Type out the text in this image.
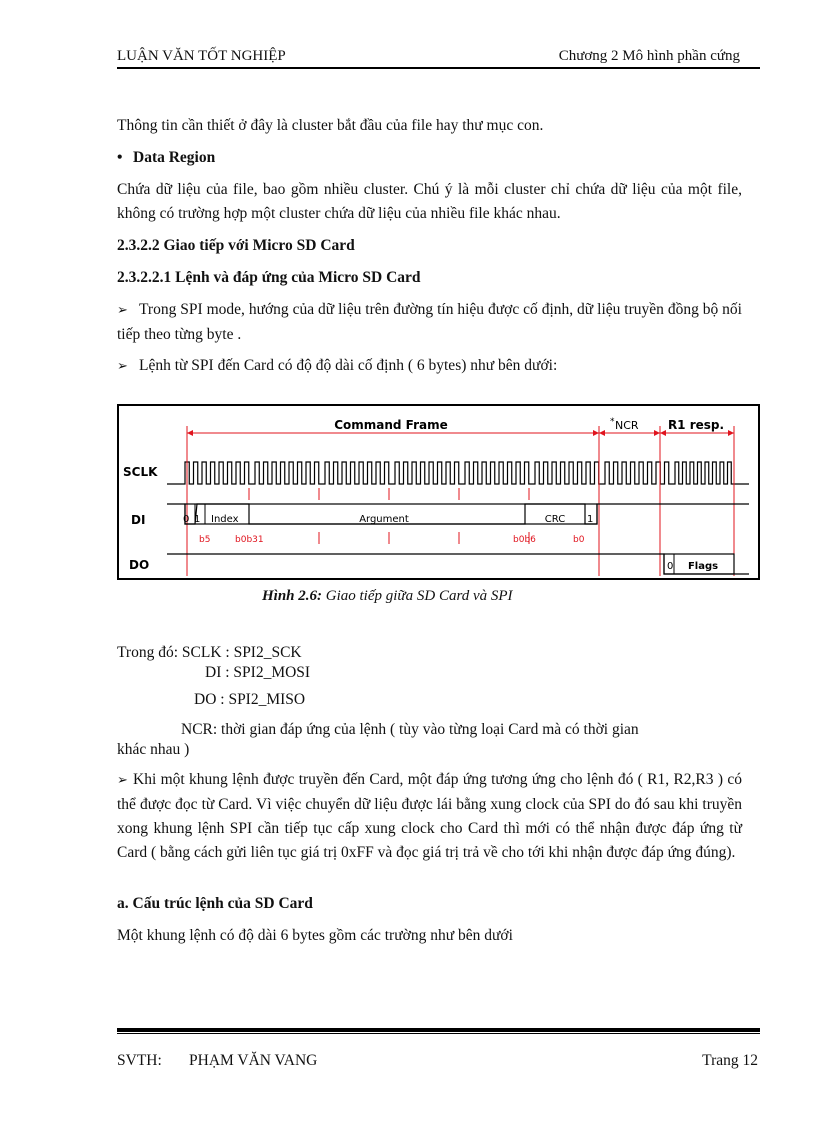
LUẬN VĂN TỐT NGHIỆP	Chương 2 Mô hình phần cứng
Thông tin cần thiết ở đây là cluster bắt đầu của file hay thư mục con.
• Data Region
Chứa dữ liệu của file, bao gồm nhiều cluster. Chú ý là mỗi cluster chỉ chứa dữ liệu của một file, không có trường hợp một cluster chứa dữ liệu của nhiều file khác nhau.
2.3.2.2 Giao tiếp với Micro SD Card
2.3.2.2.1 Lệnh và đáp ứng của Micro SD Card
➢ Trong SPI mode, hướng của dữ liệu trên đường tín hiệu được cố định, dữ liệu truyền đồng bộ nối tiếp theo từng byte .
➢ Lệnh từ SPI đến Card có độ độ dài cố định ( 6 bytes) như bên dưới:
Command Frame	* NCR R1 resp.
SCLK
DI
DO
0 1 Index	Argument	CRC 1
b5	b0b31	b0b6	b0
0 Flags
Hình 2.6: Giao tiếp giữa SD Card và SPI
Trong đó: SCLK : SPI2_SCK
DI : SPI2_MOSI
DO : SPI2_MISO
NCR: thời gian đáp ứng của lệnh ( tùy vào từng loại Card mà có thời gian
khác nhau )
➢ Khi một khung lệnh được truyền đến Card, một đáp ứng tương ứng cho lệnh đó ( R1, R2,R3 ) có thể được đọc từ Card. Vì việc chuyển dữ liệu được lái bằng xung clock của SPI do đó sau khi truyền xong khung lệnh SPI cần tiếp tục cấp xung clock cho Card thì mới có thể nhận được đáp ứng từ Card ( bằng cách gửi liên tục giá trị 0xFF và đọc giá trị trả về cho tới khi nhận được đáp ứng đúng).
a. Cấu trúc lệnh của SD Card
Một khung lệnh có độ dài 6 bytes gồm các trường như bên dưới
SVTH: PHẠM VĂN VANG	Trang 12
